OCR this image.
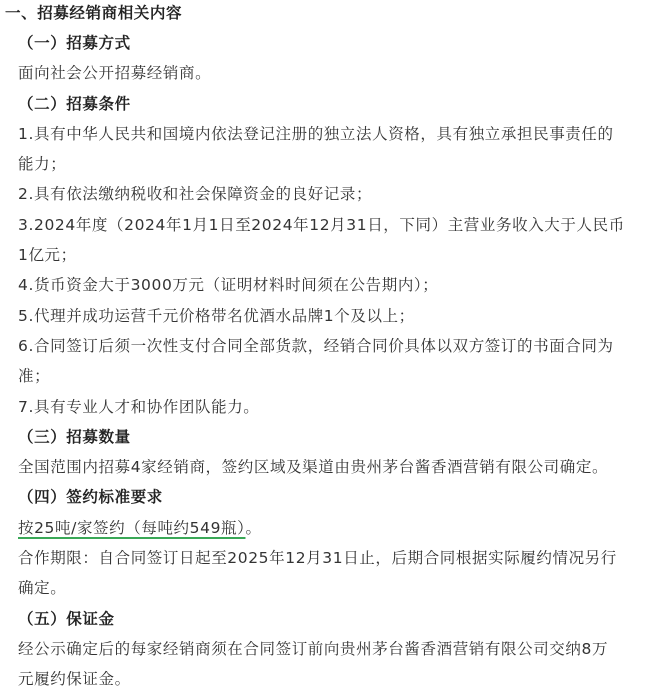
一、招募经销商相关内容
（一）招募方式
面向社会公开招募经销商。
（二）招募条件
1.具有中华人民共和国境内依法登记注册的独立法人资格，具有独立承担民事责任的
能力；
2.具有依法缴纳税收和社会保障资金的良好记录；
3.2024年度（2024年1月1日至2024年12月31日，下同）主营业务收入大于人民币
1亿元；
4.货币资金大于3000万元（证明材料时间须在公告期内）；
5.代理并成功运营千元价格带名优酒水品牌1个及以上；
6.合同签订后须一次性支付合同全部货款，经销合同价具体以双方签订的书面合同为
准；
7.具有专业人才和协作团队能力。
（三）招募数量
全国范围内招募4家经销商，签约区域及渠道由贵州茅台酱香酒营销有限公司确定。
（四）签约标准要求
按25吨/家签约（每吨约549瓶）。
合作期限：自合同签订日起至2025年12月31日止，后期合同根据实际履约情况另行
确定。
（五）保证金
经公示确定后的每家经销商须在合同签订前向贵州茅台酱香酒营销有限公司交纳8万
元履约保证金。
